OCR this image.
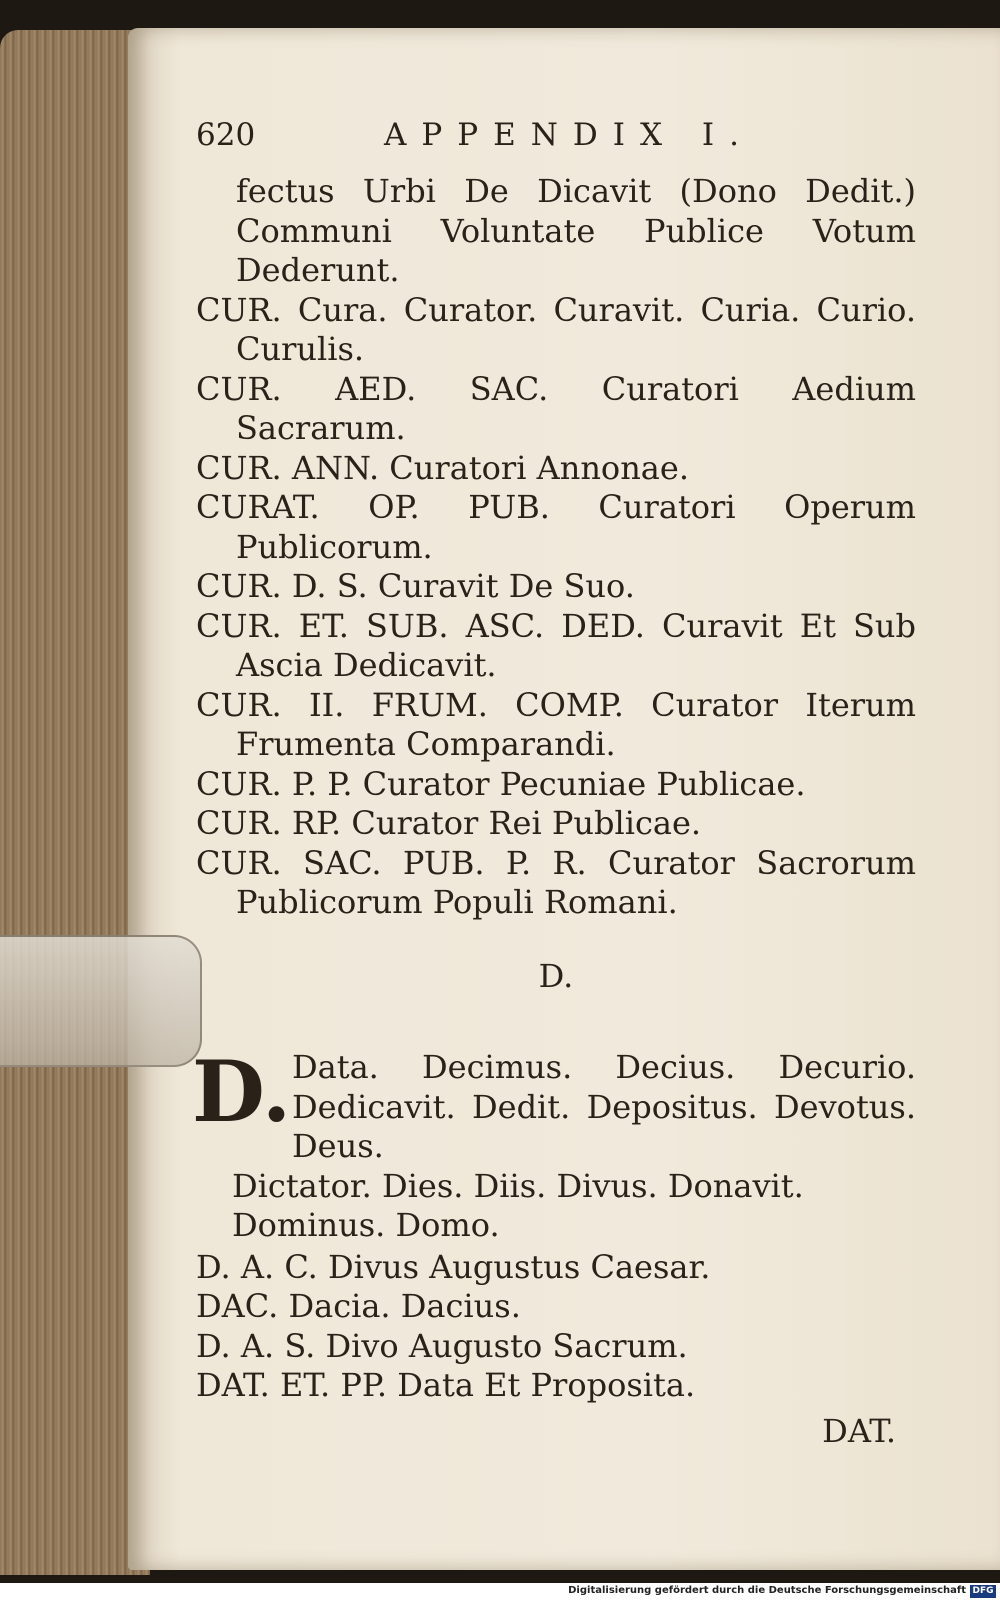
620	APPENDIX I.

fectus Urbi De Dicavit (Dono Dedit.) Communi Voluntate Publice Votum Dederunt.

CUR. Cura. Curator. Curavit. Curia. Curio. Curulis.

CUR. AED. SAC. Curatori Aedium Sacrarum.

CUR. ANN. Curatori Annonae.

CURAT. OP. PUB. Curatori Operum Publicorum.

CUR. D. S. Curavit De Suo.

CUR. ET. SUB. ASC. DED. Curavit Et Sub Ascia Dedicavit.

CUR. II. FRUM. COMP. Curator Iterum Frumenta Comparandi.

CUR. P. P. Curator Pecuniae Publicae.

CUR. RP. Curator Rei Publicae.

CUR. SAC. PUB. P. R. Curator Sacrorum Publicorum Populi Romani.

D.

D. Data. Decimus. Decius. Decurio. Dedicavit. Dedit. Depositus. Devotus. Deus.

Dictator. Dies. Diis. Divus. Donavit. Dominus. Domo.

D. A. C. Divus Augustus Caesar.

DAC. Dacia. Dacius.

D. A. S. Divo Augusto Sacrum.

DAT. ET. PP. Data Et Proposita.

DAT.
Digitalisierung gefördert durch die Deutsche Forschungsgemeinschaft DFG
